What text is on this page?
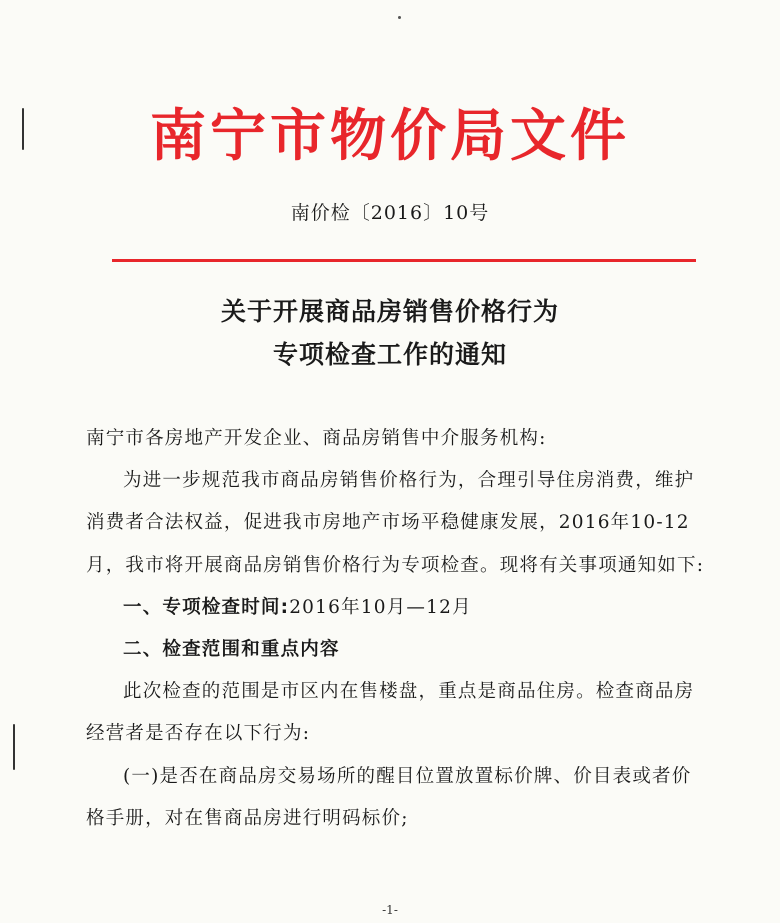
南宁市物价局文件
南价检〔2016〕10号
关于开展商品房销售价格行为
专项检查工作的通知

南宁市各房地产开发企业、商品房销售中介服务机构:

为进一步规范我市商品房销售价格行为，合理引导住房消费，维护消费者合法权益，促进我市房地产市场平稳健康发展，2016年10-12月，我市将开展商品房销售价格行为专项检查。现将有关事项通知如下:

一、专项检查时间:2016年10月—12月

二、检查范围和重点内容

此次检查的范围是市区内在售楼盘，重点是商品住房。检查商品房经营者是否存在以下行为:

(一)是否在商品房交易场所的醒目位置放置标价牌、价目表或者价格手册，对在售商品房进行明码标价;

-1-
